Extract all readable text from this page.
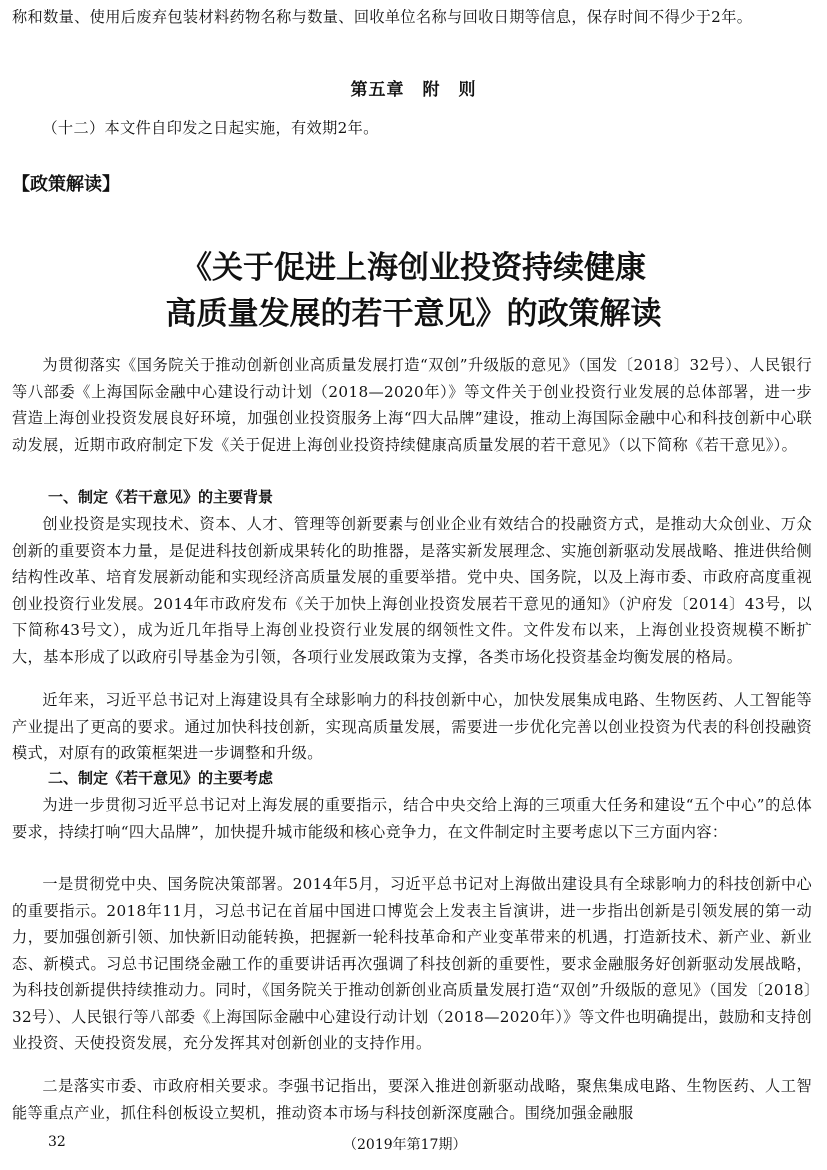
称和数量、使用后废弃包装材料药物名称与数量、回收单位名称与回收日期等信息，保存时间不得少于2年。

第五章　附　则

（十二）本文件自印发之日起实施，有效期2年。

【政策解读】

《关于促进上海创业投资持续健康

高质量发展的若干意见》的政策解读

为贯彻落实《国务院关于推动创新创业高质量发展打造“双创”升级版的意见》（国发〔2018〕32号）、人民银行等八部委《上海国际金融中心建设行动计划（2018—2020年）》等文件关于创业投资行业发展的总体部署，进一步营造上海创业投资发展良好环境，加强创业投资服务上海“四大品牌”建设，推动上海国际金融中心和科技创新中心联动发展，近期市政府制定下发《关于促进上海创业投资持续健康高质量发展的若干意见》（以下简称《若干意见》）。

一、制定《若干意见》的主要背景

创业投资是实现技术、资本、人才、管理等创新要素与创业企业有效结合的投融资方式，是推动大众创业、万众创新的重要资本力量，是促进科技创新成果转化的助推器，是落实新发展理念、实施创新驱动发展战略、推进供给侧结构性改革、培育发展新动能和实现经济高质量发展的重要举措。党中央、国务院，以及上海市委、市政府高度重视创业投资行业发展。2014年市政府发布《关于加快上海创业投资发展若干意见的通知》（沪府发〔2014〕43号，以下简称43号文），成为近几年指导上海创业投资行业发展的纲领性文件。文件发布以来，上海创业投资规模不断扩大，基本形成了以政府引导基金为引领，各项行业发展政策为支撑，各类市场化投资基金均衡发展的格局。

近年来，习近平总书记对上海建设具有全球影响力的科技创新中心，加快发展集成电路、生物医药、人工智能等产业提出了更高的要求。通过加快科技创新，实现高质量发展，需要进一步优化完善以创业投资为代表的科创投融资模式，对原有的政策框架进一步调整和升级。

二、制定《若干意见》的主要考虑

为进一步贯彻习近平总书记对上海发展的重要指示，结合中央交给上海的三项重大任务和建设“五个中心”的总体要求，持续打响“四大品牌”，加快提升城市能级和核心竞争力，在文件制定时主要考虑以下三方面内容：

一是贯彻党中央、国务院决策部署。2014年5月，习近平总书记对上海做出建设具有全球影响力的科技创新中心的重要指示。2018年11月，习总书记在首届中国进口博览会上发表主旨演讲，进一步指出创新是引领发展的第一动力，要加强创新引领、加快新旧动能转换，把握新一轮科技革命和产业变革带来的机遇，打造新技术、新产业、新业态、新模式。习总书记围绕金融工作的重要讲话再次强调了科技创新的重要性，要求金融服务好创新驱动发展战略，为科技创新提供持续推动力。同时，《国务院关于推动创新创业高质量发展打造“双创”升级版的意见》（国发〔2018〕32号）、人民银行等八部委《上海国际金融中心建设行动计划（2018—2020年）》等文件也明确提出，鼓励和支持创业投资、天使投资发展，充分发挥其对创新创业的支持作用。

二是落实市委、市政府相关要求。李强书记指出，要深入推进创新驱动战略，聚焦集成电路、生物医药、人工智能等重点产业，抓住科创板设立契机，推动资本市场与科技创新深度融合。围绕加强金融服

32	（2019年第17期）
